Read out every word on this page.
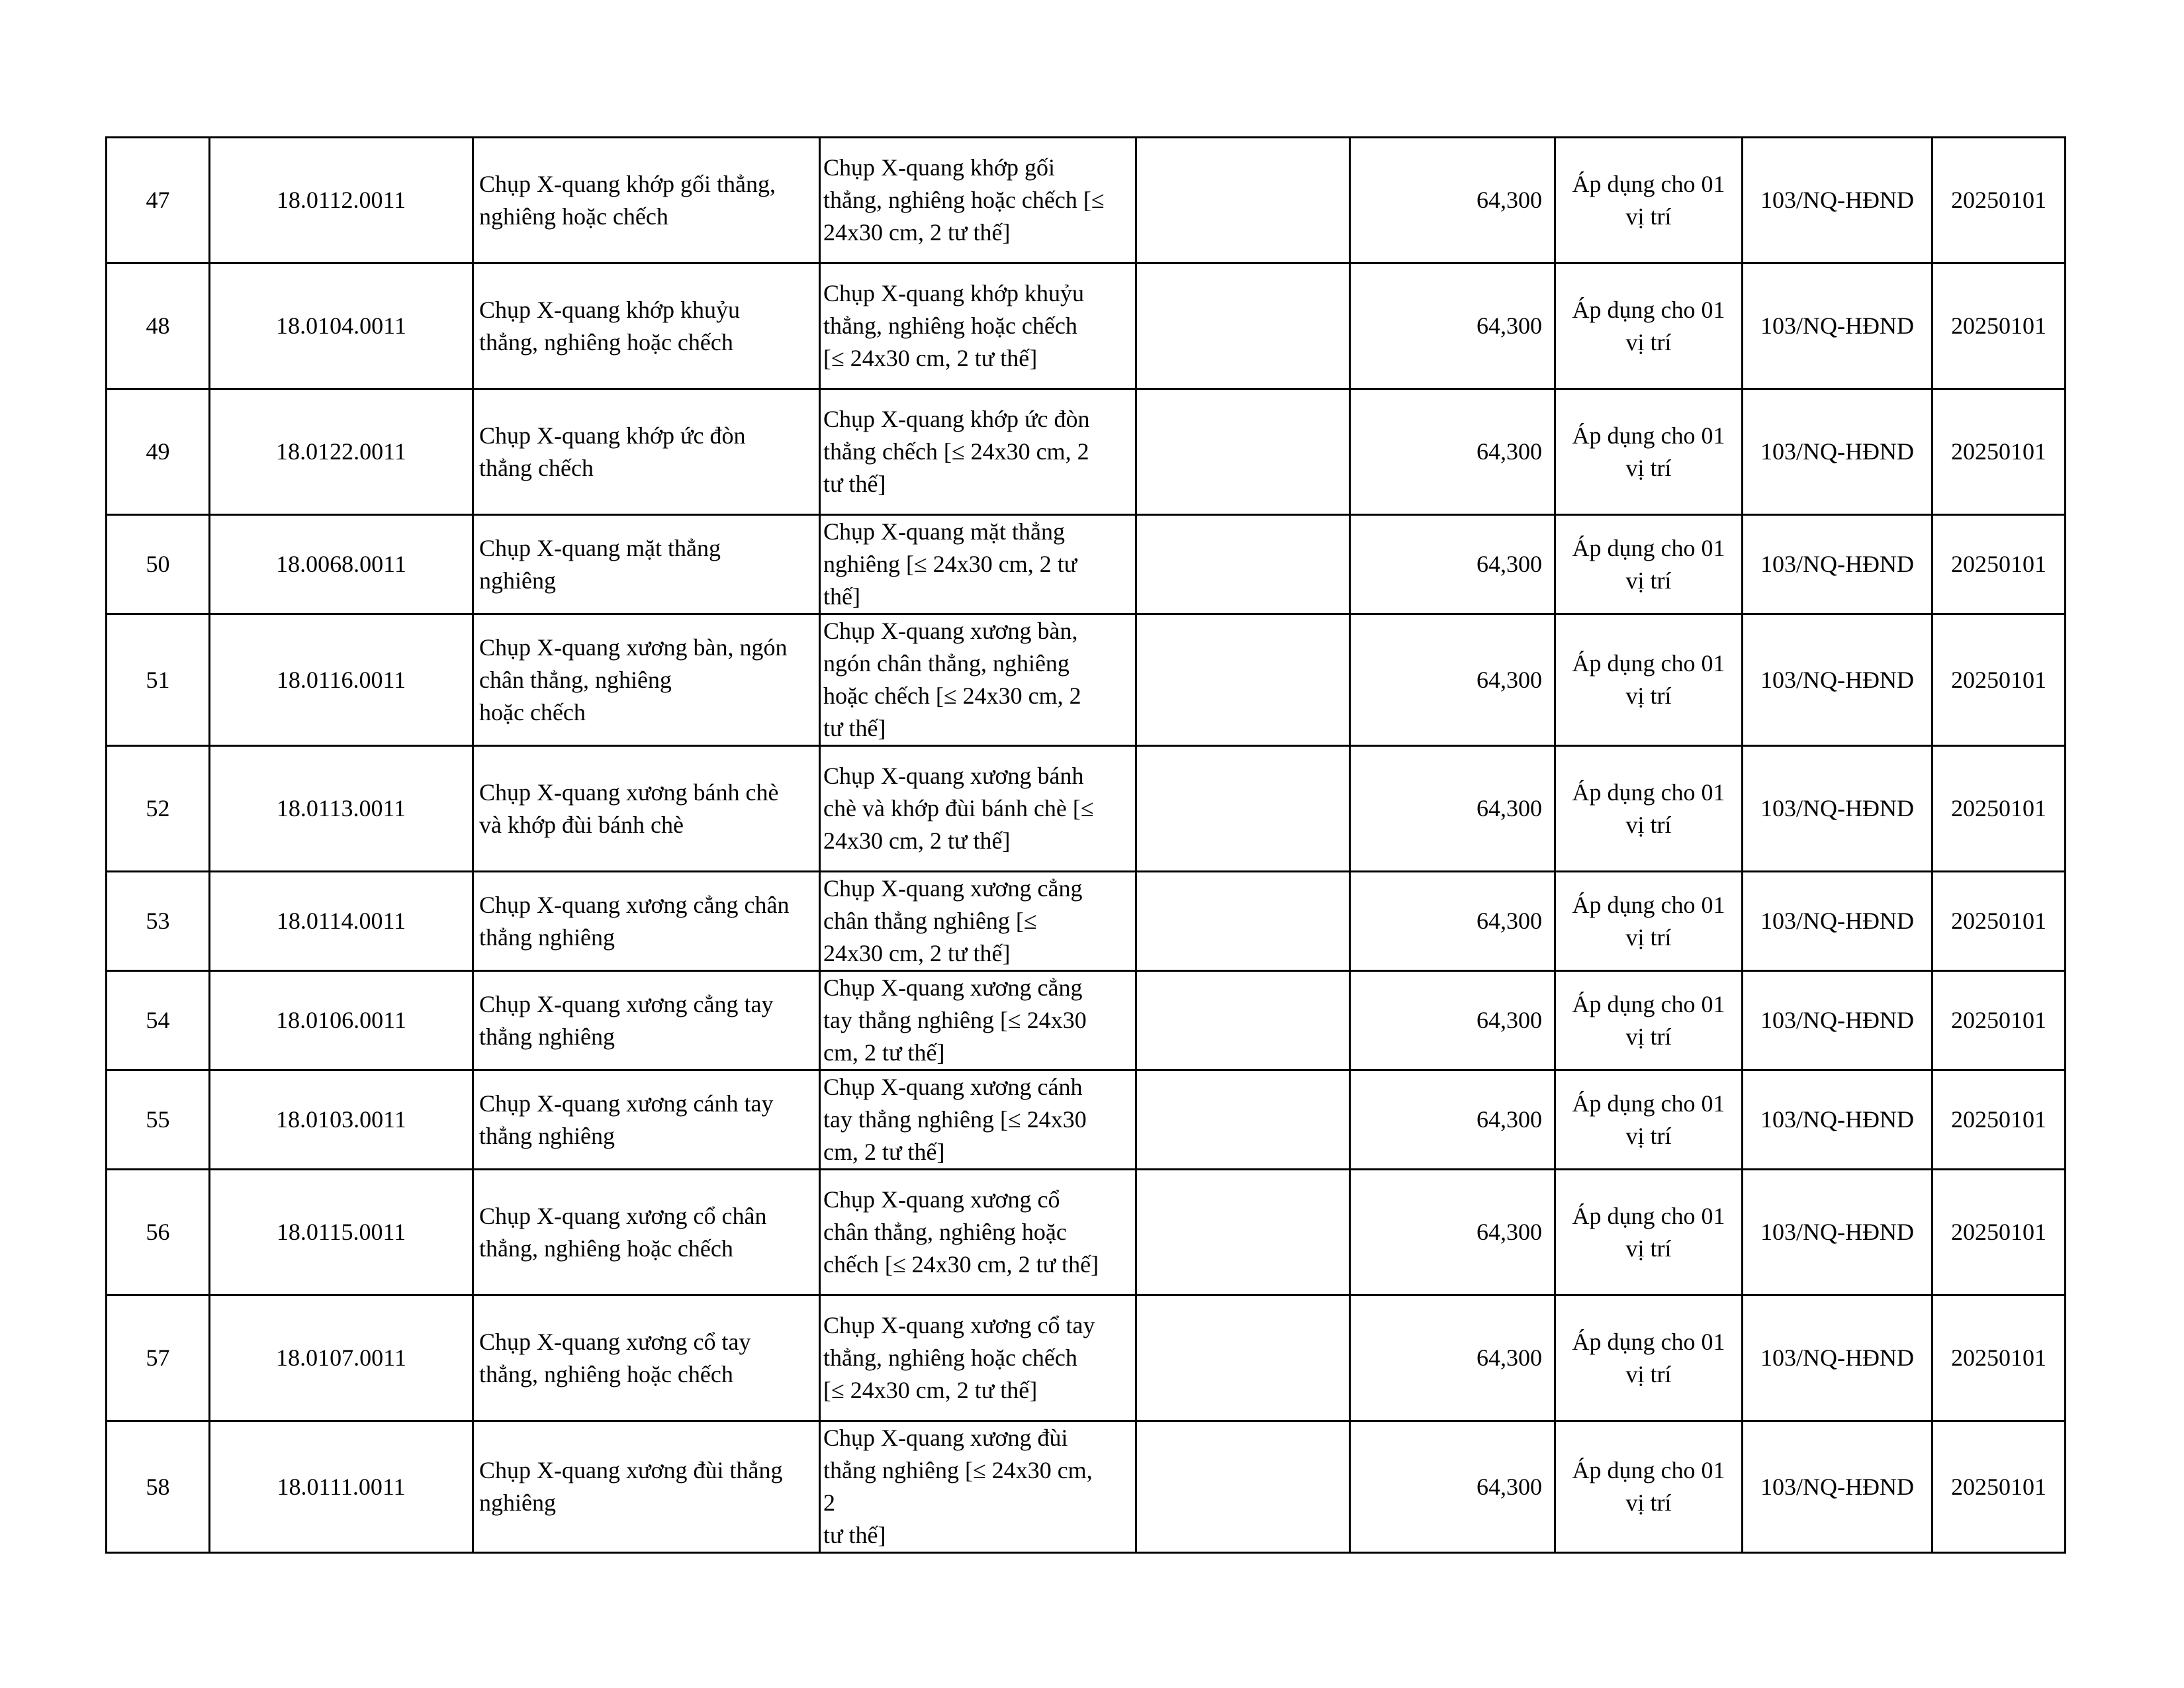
47	18.0112.0011	Chụp X-quang khớp gối thẳng,
nghiêng hoặc chếch	Chụp X-quang khớp gối
thẳng, nghiêng hoặc chếch [≤
24x30 cm, 2 tư thế]		64,300	Áp dụng cho 01
vị trí	103/NQ-HĐND	20250101

48	18.0104.0011	Chụp X-quang khớp khuỷu
thẳng, nghiêng hoặc chếch	Chụp X-quang khớp khuỷu
thẳng, nghiêng hoặc chếch
[≤ 24x30 cm, 2 tư thế]		64,300	Áp dụng cho 01
vị trí	103/NQ-HĐND	20250101

49	18.0122.0011	Chụp X-quang khớp ức đòn
thẳng chếch	Chụp X-quang khớp ức đòn
thẳng chếch [≤ 24x30 cm, 2
tư thế]		64,300	Áp dụng cho 01
vị trí	103/NQ-HĐND	20250101

50	18.0068.0011	Chụp X-quang mặt thẳng
nghiêng	Chụp X-quang mặt thẳng
nghiêng [≤ 24x30 cm, 2 tư
thế]		64,300	Áp dụng cho 01
vị trí	103/NQ-HĐND	20250101

51	18.0116.0011	Chụp X-quang xương bàn, ngón
chân thẳng, nghiêng
hoặc chếch	Chụp X-quang xương bàn,
ngón chân thẳng, nghiêng
hoặc chếch [≤ 24x30 cm, 2
tư thế]		64,300	Áp dụng cho 01
vị trí	103/NQ-HĐND	20250101

52	18.0113.0011	Chụp X-quang xương bánh chè
và khớp đùi bánh chè	Chụp X-quang xương bánh
chè và khớp đùi bánh chè [≤
24x30 cm, 2 tư thế]		64,300	Áp dụng cho 01
vị trí	103/NQ-HĐND	20250101

53	18.0114.0011	Chụp X-quang xương cẳng chân
thẳng nghiêng	Chụp X-quang xương cẳng
chân thẳng nghiêng [≤
24x30 cm, 2 tư thế]		64,300	Áp dụng cho 01
vị trí	103/NQ-HĐND	20250101

54	18.0106.0011	Chụp X-quang xương cẳng tay
thẳng nghiêng	Chụp X-quang xương cẳng
tay thẳng nghiêng [≤ 24x30
cm, 2 tư thế]		64,300	Áp dụng cho 01
vị trí	103/NQ-HĐND	20250101

55	18.0103.0011	Chụp X-quang xương cánh tay
thẳng nghiêng	Chụp X-quang xương cánh
tay thẳng nghiêng [≤ 24x30
cm, 2 tư thế]		64,300	Áp dụng cho 01
vị trí	103/NQ-HĐND	20250101

56	18.0115.0011	Chụp X-quang xương cổ chân
thẳng, nghiêng hoặc chếch	Chụp X-quang xương cổ
chân thẳng, nghiêng hoặc
chếch [≤ 24x30 cm, 2 tư thế]		64,300	Áp dụng cho 01
vị trí	103/NQ-HĐND	20250101

57	18.0107.0011	Chụp X-quang xương cổ tay
thẳng, nghiêng hoặc chếch	Chụp X-quang xương cổ tay
thẳng, nghiêng hoặc chếch
[≤ 24x30 cm, 2 tư thế]		64,300	Áp dụng cho 01
vị trí	103/NQ-HĐND	20250101

58	18.0111.0011	Chụp X-quang xương đùi thẳng
nghiêng	Chụp X-quang xương đùi
thẳng nghiêng [≤ 24x30 cm,
2
tư thế]		64,300	Áp dụng cho 01
vị trí	103/NQ-HĐND	20250101
